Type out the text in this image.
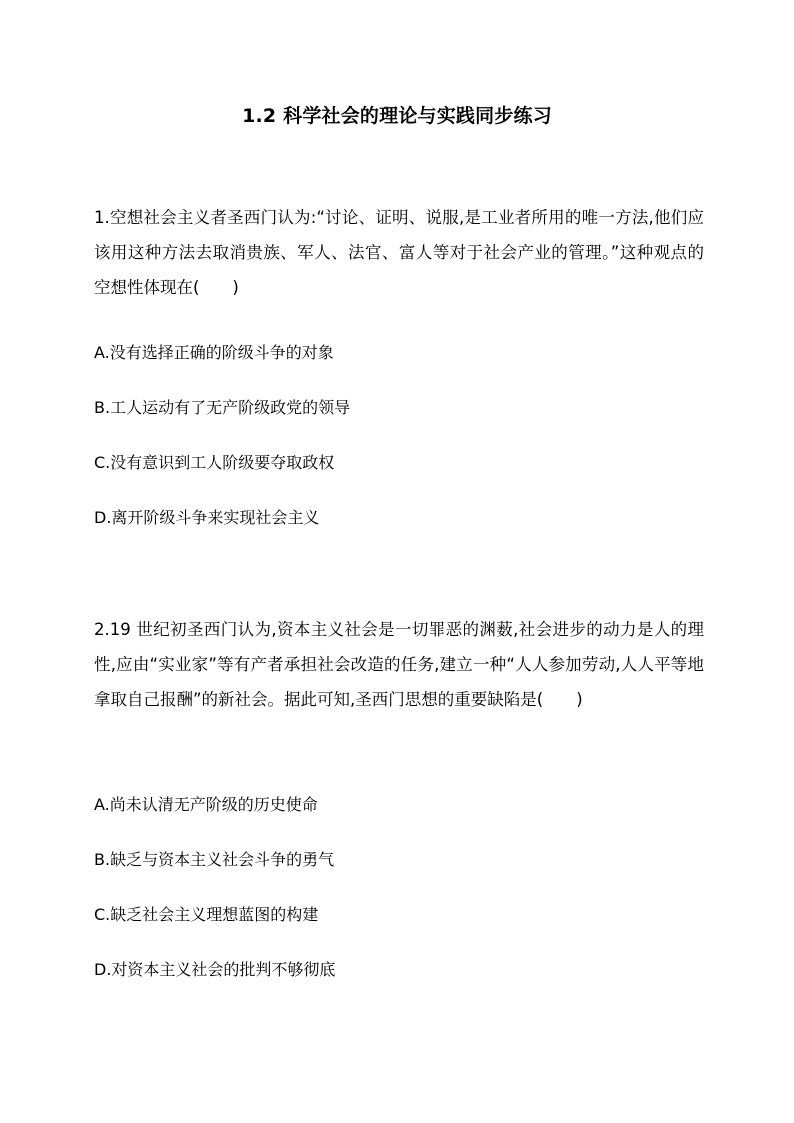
1.2 科学社会的理论与实践同步练习

1.空想社会主义者圣西门认为:“讨论、证明、说服,是工业者所用的唯一方法,他们应该用这种方法去取消贵族、军人、法官、富人等对于社会产业的管理。”这种观点的空想性体现在(　　)

A.没有选择正确的阶级斗争的对象

B.工人运动有了无产阶级政党的领导

C.没有意识到工人阶级要夺取政权

D.离开阶级斗争来实现社会主义

2.19 世纪初圣西门认为,资本主义社会是一切罪恶的渊薮,社会进步的动力是人的理性,应由“实业家”等有产者承担社会改造的任务,建立一种“人人参加劳动,人人平等地拿取自己报酬”的新社会。据此可知,圣西门思想的重要缺陷是(　　)

A.尚未认清无产阶级的历史使命

B.缺乏与资本主义社会斗争的勇气

C.缺乏社会主义理想蓝图的构建

D.对资本主义社会的批判不够彻底
